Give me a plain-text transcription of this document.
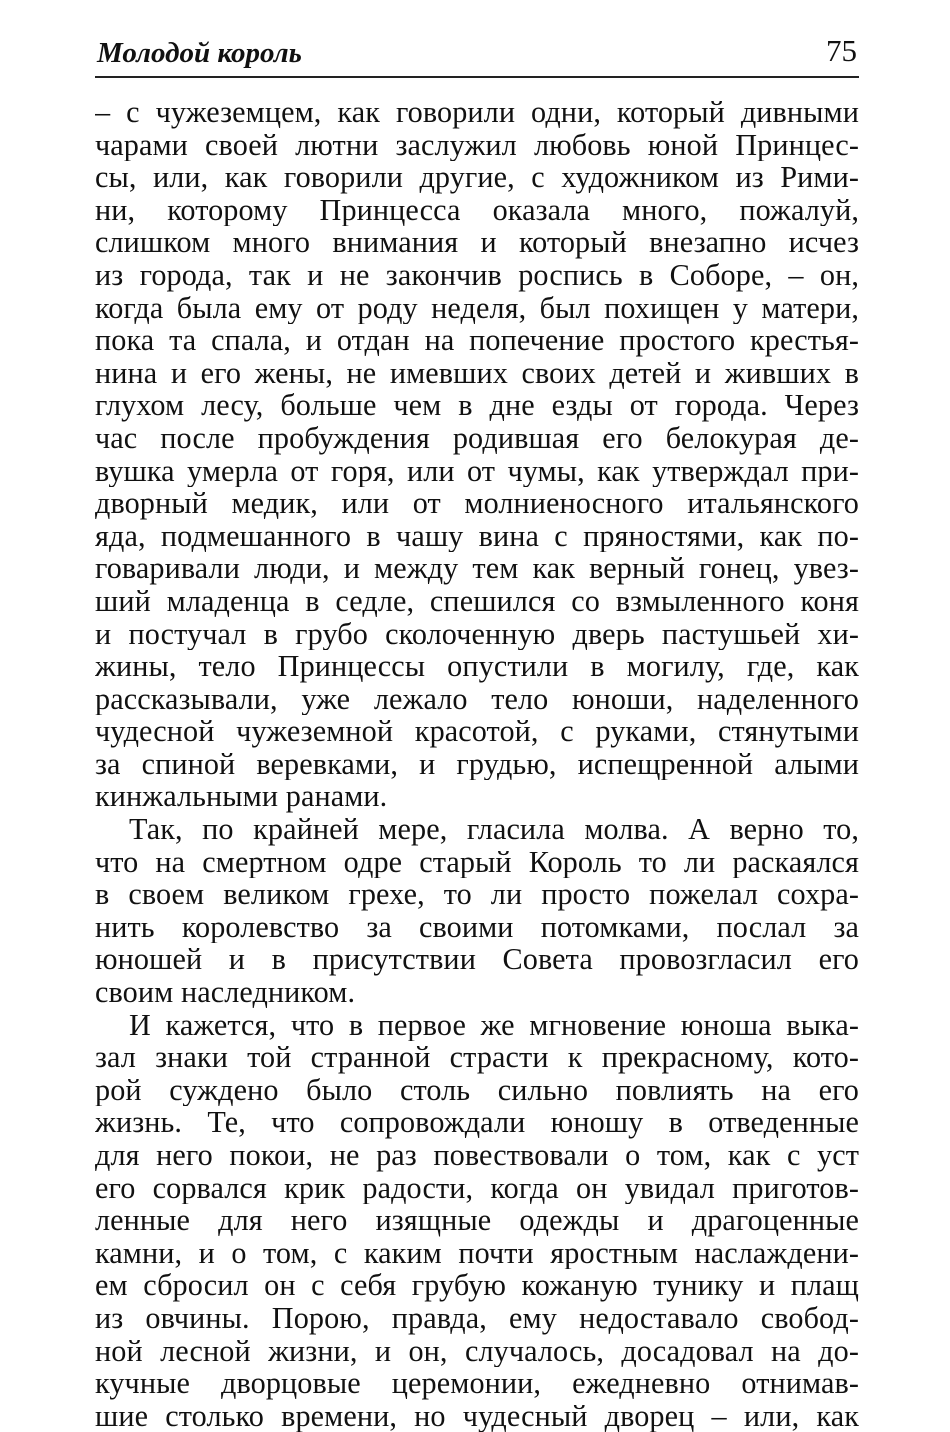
Молодой король	75
– с чужеземцем, как говорили одни, который дивными
чарами своей лютни заслужил любовь юной Принцес-
сы, или, как говорили другие, с художником из Рими-
ни, которому Принцесса оказала много, пожалуй,
слишком много внимания и который внезапно исчез
из города, так и не закончив роспись в Соборе, – он,
когда была ему от роду неделя, был похищен у матери,
пока та спала, и отдан на попечение простого крестья-
нина и его жены, не имевших своих детей и живших в
глухом лесу, больше чем в дне езды от города. Через
час после пробуждения родившая его белокурая де-
вушка умерла от горя, или от чумы, как утверждал при-
дворный медик, или от молниеносного итальянского
яда, подмешанного в чашу вина с пряностями, как по-
говаривали люди, и между тем как верный гонец, увез-
ший младенца в седле, спешился со взмыленного коня
и постучал в грубо сколоченную дверь пастушьей хи-
жины, тело Принцессы опустили в могилу, где, как
рассказывали, уже лежало тело юноши, наделенного
чудесной чужеземной красотой, с руками, стянутыми
за спиной веревками, и грудью, испещренной алыми
кинжальными ранами.
Так, по крайней мере, гласила молва. А верно то,
что на смертном одре старый Король то ли раскаялся
в своем великом грехе, то ли просто пожелал сохра-
нить королевство за своими потомками, послал за
юношей и в присутствии Совета провозгласил его
своим наследником.
И кажется, что в первое же мгновение юноша выка-
зал знаки той странной страсти к прекрасному, кото-
рой суждено было столь сильно повлиять на его
жизнь. Те, что сопровождали юношу в отведенные
для него покои, не раз повествовали о том, как с уст
его сорвался крик радости, когда он увидал приготов-
ленные для него изящные одежды и драгоценные
камни, и о том, с каким почти яростным наслаждени-
ем сбросил он с себя грубую кожаную тунику и плащ
из овчины. Порою, правда, ему недоставало свобод-
ной лесной жизни, и он, случалось, досадовал на до-
кучные дворцовые церемонии, ежедневно отнимав-
шие столько времени, но чудесный дворец – или, как
